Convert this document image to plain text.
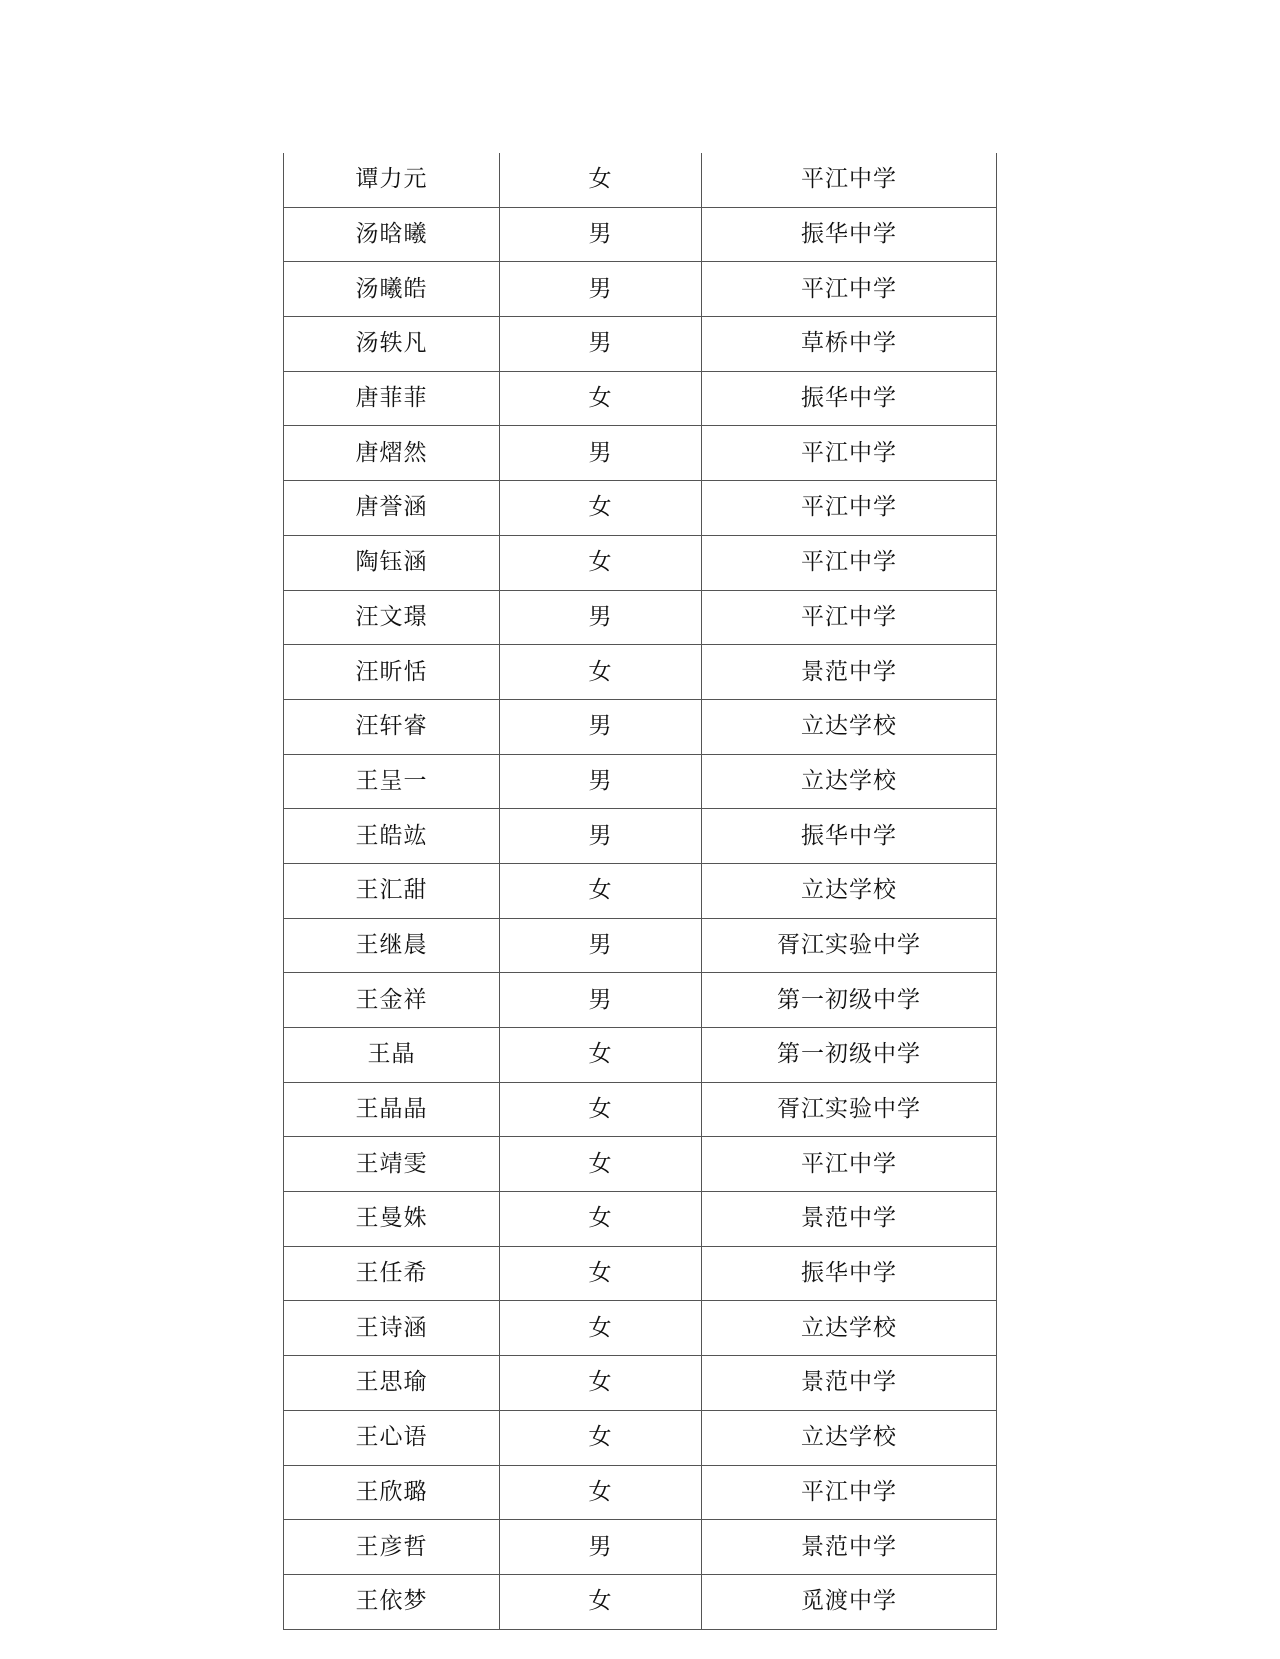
谭力元	女	平江中学
汤晗曦	男	振华中学
汤曦皓	男	平江中学
汤轶凡	男	草桥中学
唐菲菲	女	振华中学
唐熠然	男	平江中学
唐誉涵	女	平江中学
陶钰涵	女	平江中学
汪文璟	男	平江中学
汪昕恬	女	景范中学
汪轩睿	男	立达学校
王呈一	男	立达学校
王皓竑	男	振华中学
王汇甜	女	立达学校
王继晨	男	胥江实验中学
王金祥	男	第一初级中学
王晶	女	第一初级中学
王晶晶	女	胥江实验中学
王靖雯	女	平江中学
王曼姝	女	景范中学
王任希	女	振华中学
王诗涵	女	立达学校
王思瑜	女	景范中学
王心语	女	立达学校
王欣璐	女	平江中学
王彦哲	男	景范中学
王依梦	女	觅渡中学
